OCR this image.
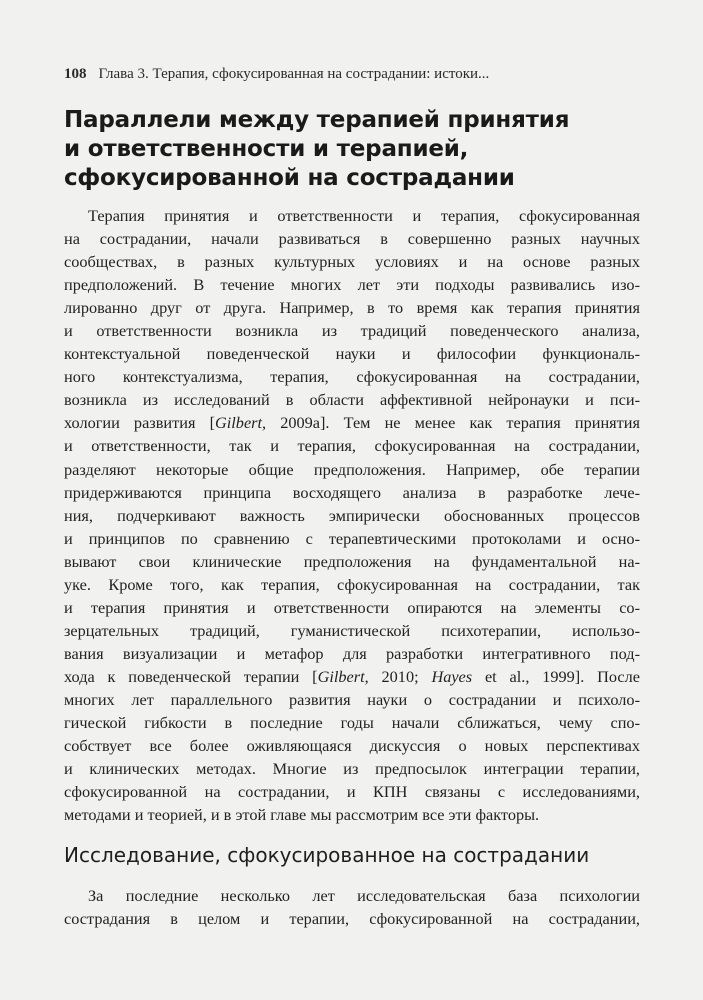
108 Глава 3. Терапия, сфокусированная на сострадании: истоки...
Параллели между терапией принятия
и ответственности и терапией,
сфокусированной на сострадании
Терапия принятия и ответственности и терапия, сфокусированная
на сострадании, начали развиваться в совершенно разных научных
сообществах, в разных культурных условиях и на основе разных
предположений. В течение многих лет эти подходы развивались изо-
лированно друг от друга. Например, в то время как терапия принятия
и ответственности возникла из традиций поведенческого анализа,
контекстуальной поведенческой науки и философии функциональ-
ного контекстуализма, терапия, сфокусированная на сострадании,
возникла из исследований в области аффективной нейронауки и пси-
хологии развития [Gilbert, 2009a]. Тем не менее как терапия принятия
и ответственности, так и терапия, сфокусированная на сострадании,
разделяют некоторые общие предположения. Например, обе терапии
придерживаются принципа восходящего анализа в разработке лече-
ния, подчеркивают важность эмпирически обоснованных процессов
и принципов по сравнению с терапевтическими протоколами и осно-
вывают свои клинические предположения на фундаментальной на-
уке. Кроме того, как терапия, сфокусированная на сострадании, так
и терапия принятия и ответственности опираются на элементы со-
зерцательных традиций, гуманистической психотерапии, использо-
вания визуализации и метафор для разработки интегративного под-
хода к поведенческой терапии [Gilbert, 2010; Hayes et al., 1999]. После
многих лет параллельного развития науки о сострадании и психоло-
гической гибкости в последние годы начали сближаться, чему спо-
собствует все более оживляющаяся дискуссия о новых перспективах
и клинических методах. Многие из предпосылок интеграции терапии,
сфокусированной на сострадании, и КПН связаны с исследованиями,
методами и теорией, и в этой главе мы рассмотрим все эти факторы.
Исследование, сфокусированное на сострадании
За последние несколько лет исследовательская база психологии
сострадания в целом и терапии, сфокусированной на сострадании,
